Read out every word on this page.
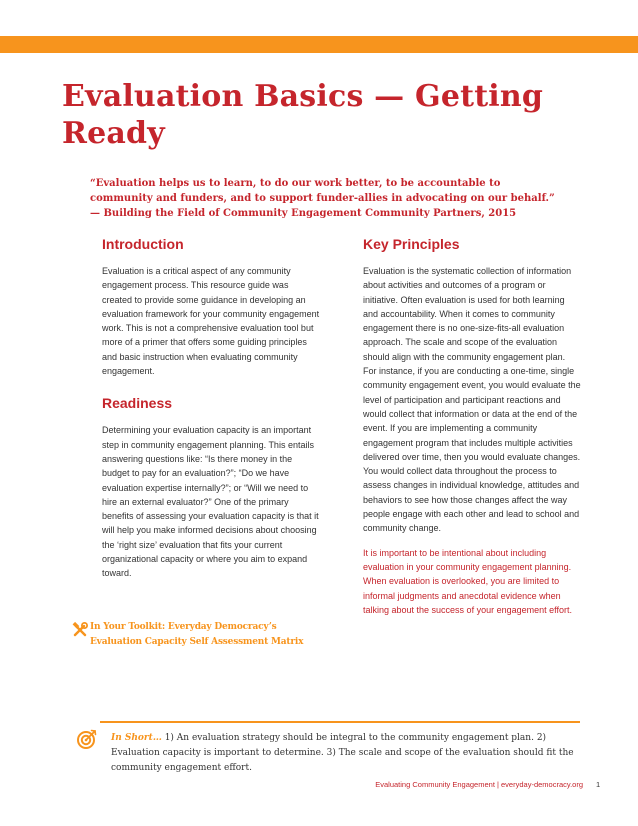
Evaluation Basics — Getting Ready

“Evaluation helps us to learn, to do our work better, to be accountable to community and funders, and to support funder-allies in advocating on our behalf.” — Building the Field of Community Engagement Community Partners, 2015

Introduction

Evaluation is a critical aspect of any community engagement process. This resource guide was created to provide some guidance in developing an evaluation framework for your community engagement work. This is not a comprehensive evaluation tool but more of a primer that offers some guiding principles and basic instruction when evaluating community engagement.

Readiness

Determining your evaluation capacity is an important step in community engagement planning. This entails answering questions like: “Is there money in the budget to pay for an evaluation?”; “Do we have evaluation expertise internally?”; or “Will we need to hire an external evaluator?” One of the primary benefits of assessing your evaluation capacity is that it will help you make informed decisions about choosing the ‘right size’ evaluation that fits your current organizational capacity or where you aim to expand toward.

In Your Toolkit: Everyday Democracy’s Evaluation Capacity Self Assessment Matrix
Key Principles

Evaluation is the systematic collection of information about activities and outcomes of a program or initiative. Often evaluation is used for both learning and accountability. When it comes to community engagement there is no one-size-fits-all evaluation approach. The scale and scope of the evaluation should align with the community engagement plan. For instance, if you are conducting a one-time, single community engagement event, you would evaluate the level of participation and participant reactions and would collect that information or data at the end of the event. If you are implementing a community engagement program that includes multiple activities delivered over time, then you would evaluate changes. You would collect data throughout the process to assess changes in individual knowledge, attitudes and behaviors to see how those changes affect the way people engage with each other and lead to school and community change.

It is important to be intentional about including evaluation in your community engagement planning. When evaluation is overlooked, you are limited to informal judgments and anecdotal evidence when talking about the success of your engagement effort.

In Short… 1) An evaluation strategy should be integral to the community engagement plan. 2) Evaluation capacity is important to determine. 3) The scale and scope of the evaluation should fit the community engagement effort.

Evaluating Community Engagement | everyday-democracy.org 1
